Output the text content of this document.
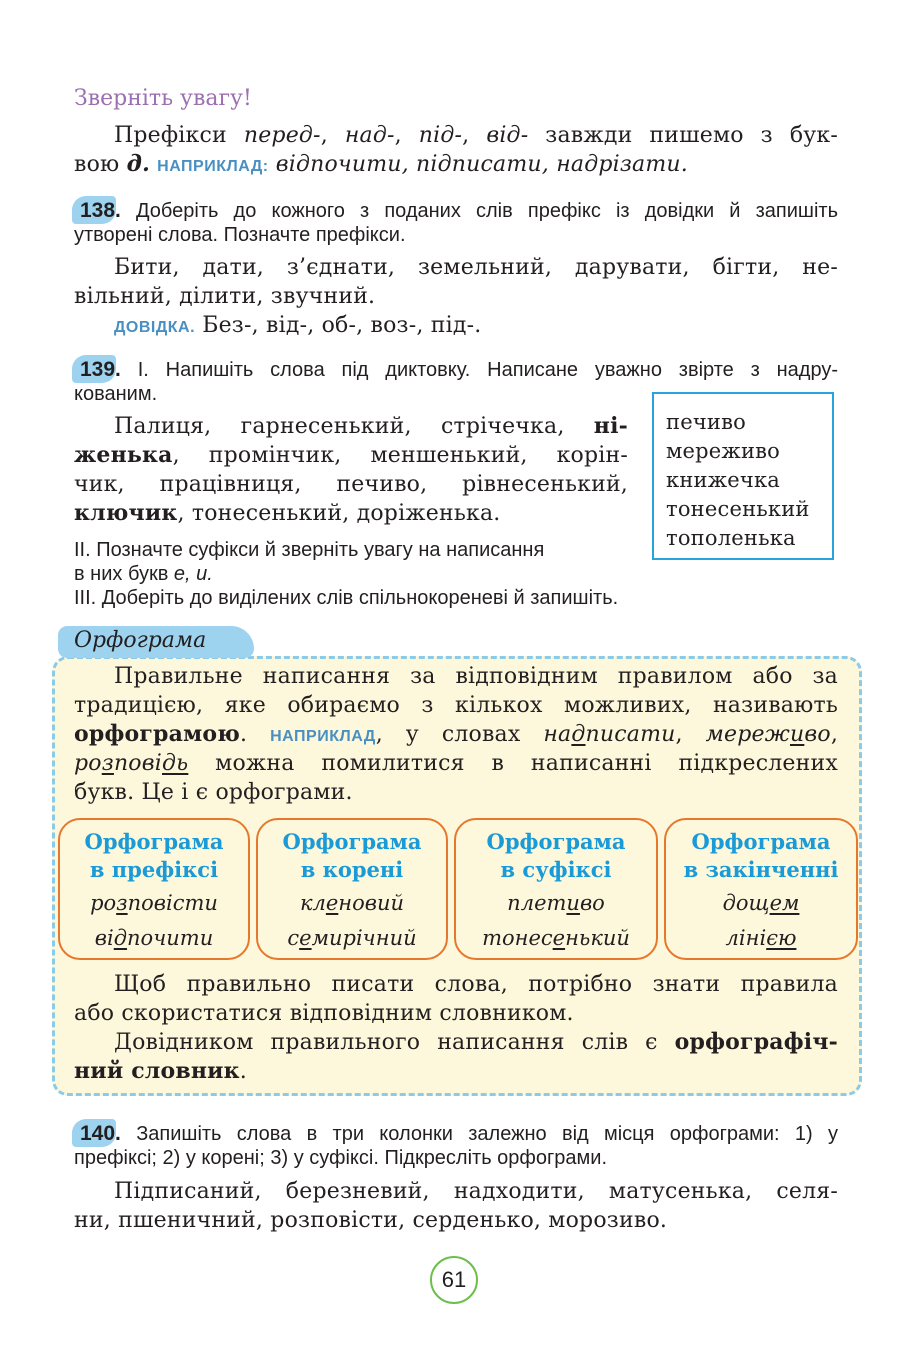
Зверніть увагу!
Префікси перед-, над-, під-, від- завжди пишемо з бук-
вою д. НАПРИКЛАД: відпочити, підписати, надрізати.
138. Доберіть до кожного з поданих слів префікс із довідки й запишіть
утворені слова. Позначте префікси.
Бити, дати, з’єднати, земельний, дарувати, бігти, не-
вільний, ділити, звучний.
ДОВІДКА. Без-, від-, об-, воз-, під-.
139. І. Напишіть слова під диктовку. Написане уважно звірте з надру-
кованим.
Палиця, гарнесенький, стрічечка, ні-
женька, промінчик, меншенький, корін-
чик, працівниця, печиво, рівнесенький,
ключик, тонесенький, доріженька.
печиво
мереживо
книжечка
тонесенький
тополенька
ІІ. Позначте суфікси й зверніть увагу на написання
в них букв е, и.
ІІІ. Доберіть до виділених слів спільнокореневі й запишіть.
Орфограма
Правильне написання за відповідним правилом або за
традицією, яке обираємо з кількох можливих, називають
орфограмою. НАПРИКЛАД, у словах надписати, мереживо,
розповідь можна помилитися в написанні підкреслених
букв. Це і є орфограми.
Орфограма
в префіксі
розповісти
відпочити
Орфограма
в корені
кленовий
семирічний
Орфограма
в суфіксі
плетиво
тонесенький
Орфограма
в закінченні
дощем
лінією
Щоб правильно писати слова, потрібно знати правила
або скористатися відповідним словником.
Довідником правильного написання слів є орфографіч-
ний словник.
140. Запишіть слова в три колонки залежно від місця орфограми: 1) у
префіксі; 2) у корені; 3) у суфіксі. Підкресліть орфограми.
Підписаний, березневий, надходити, матусенька, селя-
ни, пшеничний, розповісти, серденько, морозиво.
61
